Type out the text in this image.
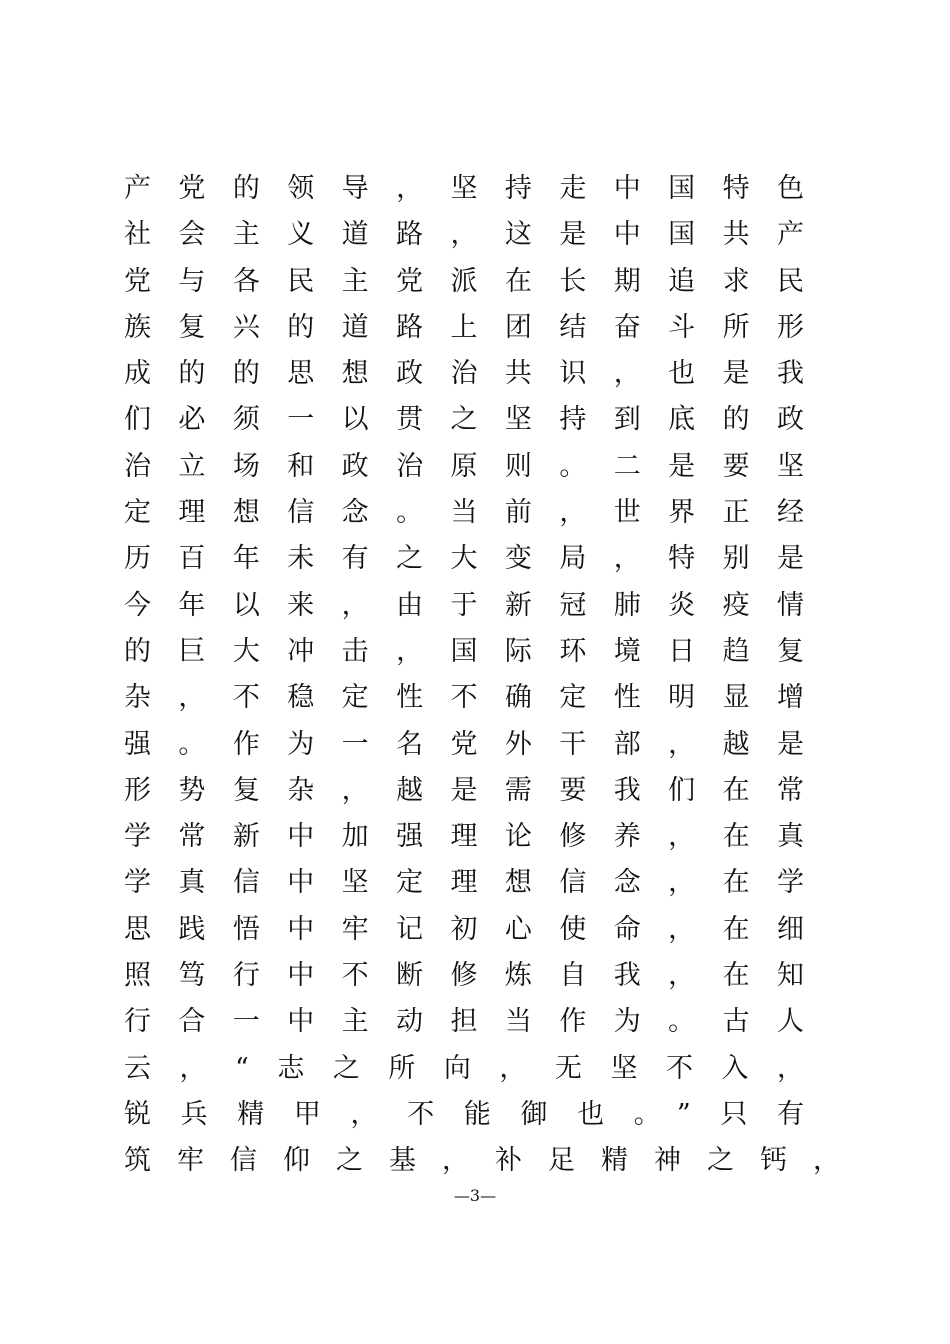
产党的领导，坚持走中国特色
社会主义道路，这是中国共产
党与各民主党派在长期追求民
族复兴的道路上团结奋斗所形
成的的思想政治共识，也是我
们必须一以贯之坚持到底的政
治立场和政治原则。二是要坚
定理想信念。当前，世界正经
历百年未有之大变局，特别是
今年以来，由于新冠肺炎疫情
的巨大冲击，国际环境日趋复
杂，不稳定性不确定性明显增
强。作为一名党外干部，越是
形势复杂，越是需要我们在常
学常新中加强理论修养，在真
学真信中坚定理想信念，在学
思践悟中牢记初心使命，在细
照笃行中不断修炼自我，在知
行合一中主动担当作为。古人
云，“志之所向，无坚不入，
锐兵精甲，不能御也。”只有
筑牢信仰之基，补足精神之钙，
—3—
